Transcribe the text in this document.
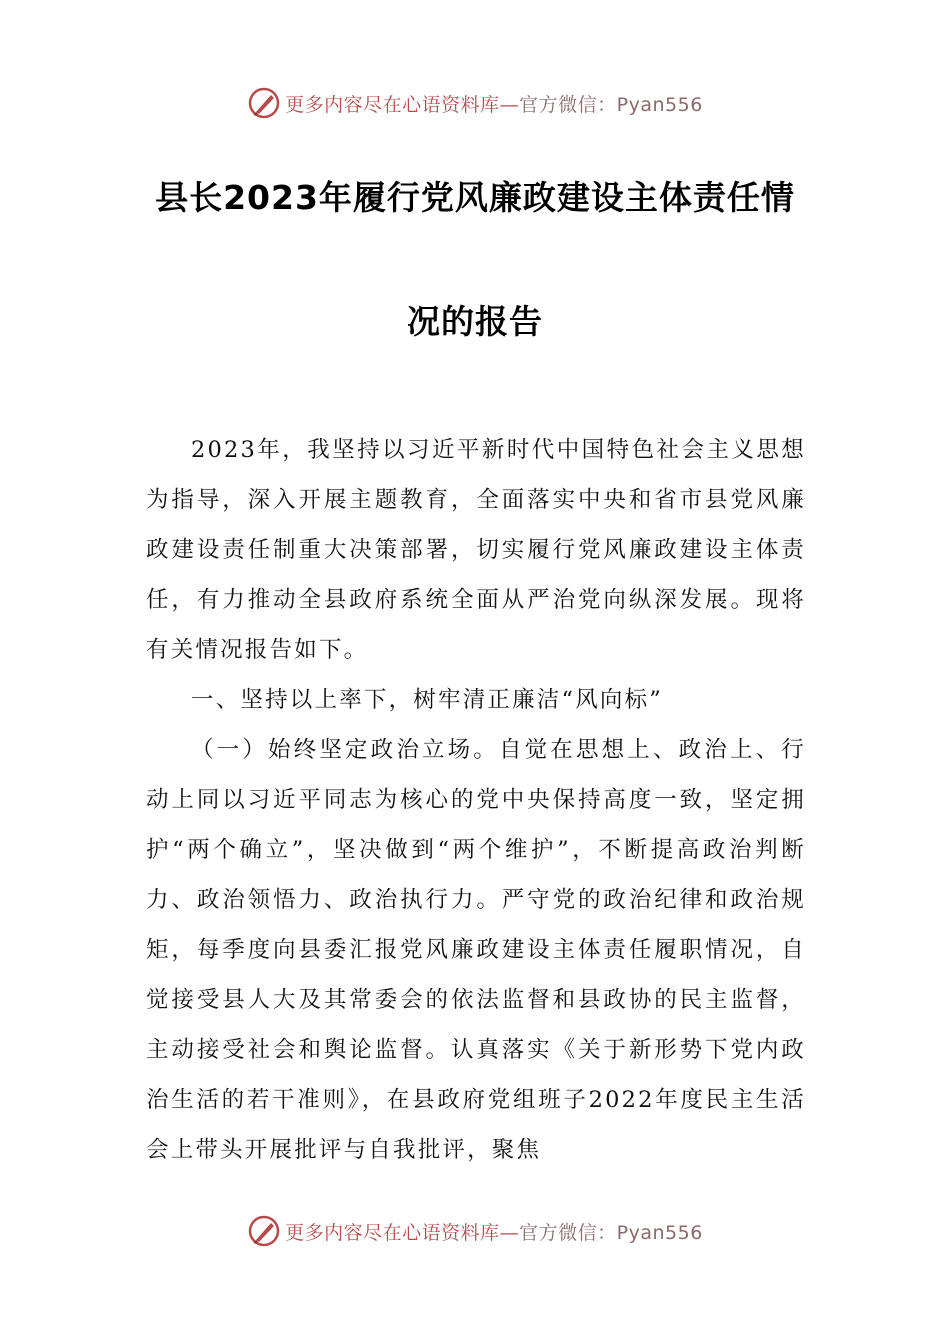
更多内容尽在心语资料库—官方微信：Pyan556
县长2023年履行党风廉政建设主体责任情
况的报告

2023年，我坚持以习近平新时代中国特色社会主义思想为指导，深入开展主题教育，全面落实中央和省市县党风廉政建设责任制重大决策部署，切实履行党风廉政建设主体责任，有力推动全县政府系统全面从严治党向纵深发展。现将有关情况报告如下。

一、坚持以上率下，树牢清正廉洁“风向标”

（一）始终坚定政治立场。自觉在思想上、政治上、行动上同以习近平同志为核心的党中央保持高度一致，坚定拥护“两个确立”，坚决做到“两个维护”，不断提高政治判断力、政治领悟力、政治执行力。严守党的政治纪律和政治规矩，每季度向县委汇报党风廉政建设主体责任履职情况，自觉接受县人大及其常委会的依法监督和县政协的民主监督，主动接受社会和舆论监督。认真落实《关于新形势下党内政治生活的若干准则》，在县政府党组班子2022年度民主生活会上带头开展批评与自我批评，聚焦

更多内容尽在心语资料库—官方微信：Pyan556
